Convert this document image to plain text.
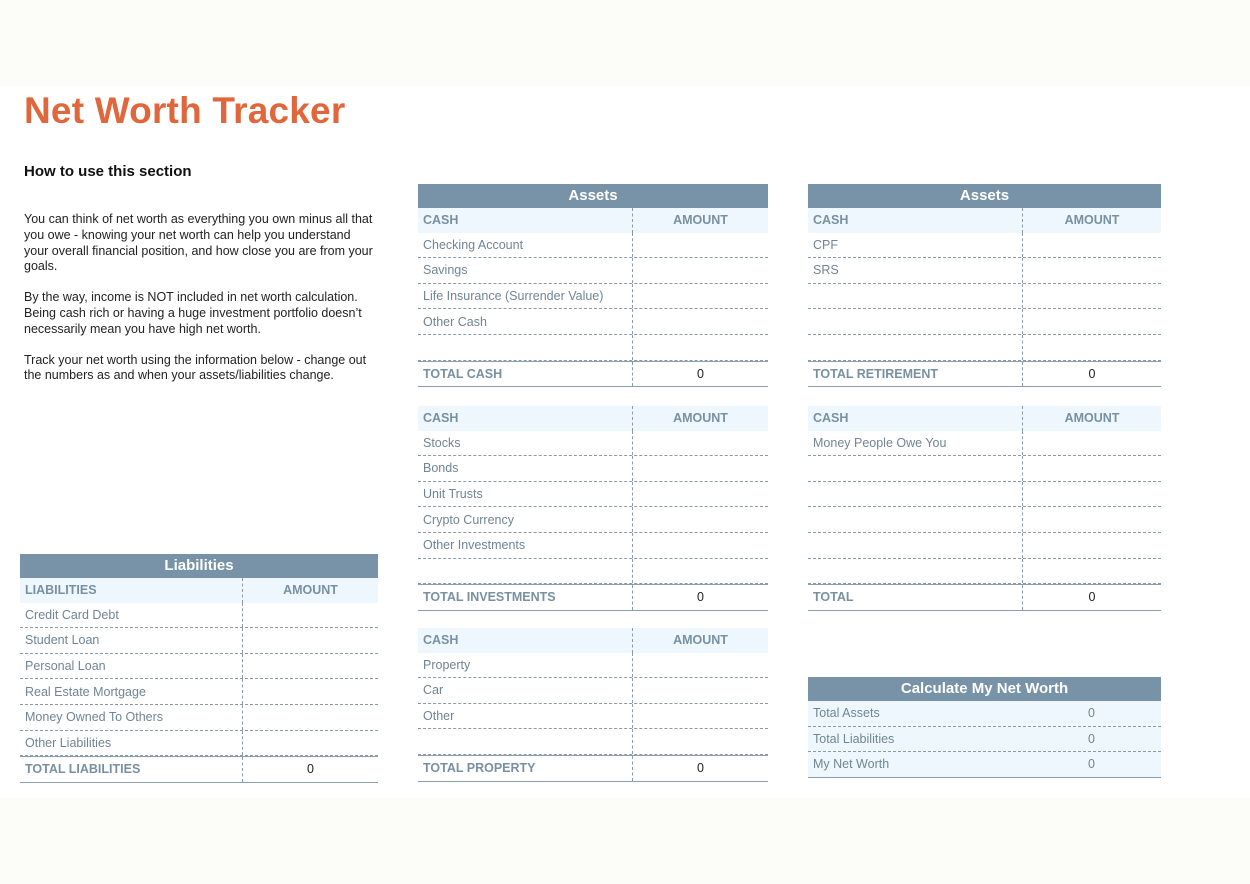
Net Worth Tracker
How to use this section

You can think of net worth as everything you own minus all that you owe - knowing your net worth can help you understand your overall financial position, and how close you are from your goals.

By the way, income is NOT included in net worth calculation. Being cash rich or having a huge investment portfolio doesn’t necessarily mean you have high net worth.

Track your net worth using the information below - change out the numbers as and when your assets/liabilities change.

Liabilities
LIABILITIES	AMOUNT
Credit Card Debt
Student Loan
Personal Loan
Real Estate Mortgage
Money Owned To Others
Other Liabilities
TOTAL LIABILITIES	0
Assets
CASH	AMOUNT
Checking Account
Savings
Life Insurance (Surrender Value)
Other Cash
TOTAL CASH	0
CASH	AMOUNT
Stocks
Bonds
Unit Trusts
Crypto Currency
Other Investments
TOTAL INVESTMENTS	0
CASH	AMOUNT
Property
Car
Other
TOTAL PROPERTY	0
Assets
CASH	AMOUNT
CPF
SRS
TOTAL RETIREMENT	0
CASH	AMOUNT
Money People Owe You
TOTAL	0
Calculate My Net Worth
Total Assets	0
Total Liabilities	0
My Net Worth	0
